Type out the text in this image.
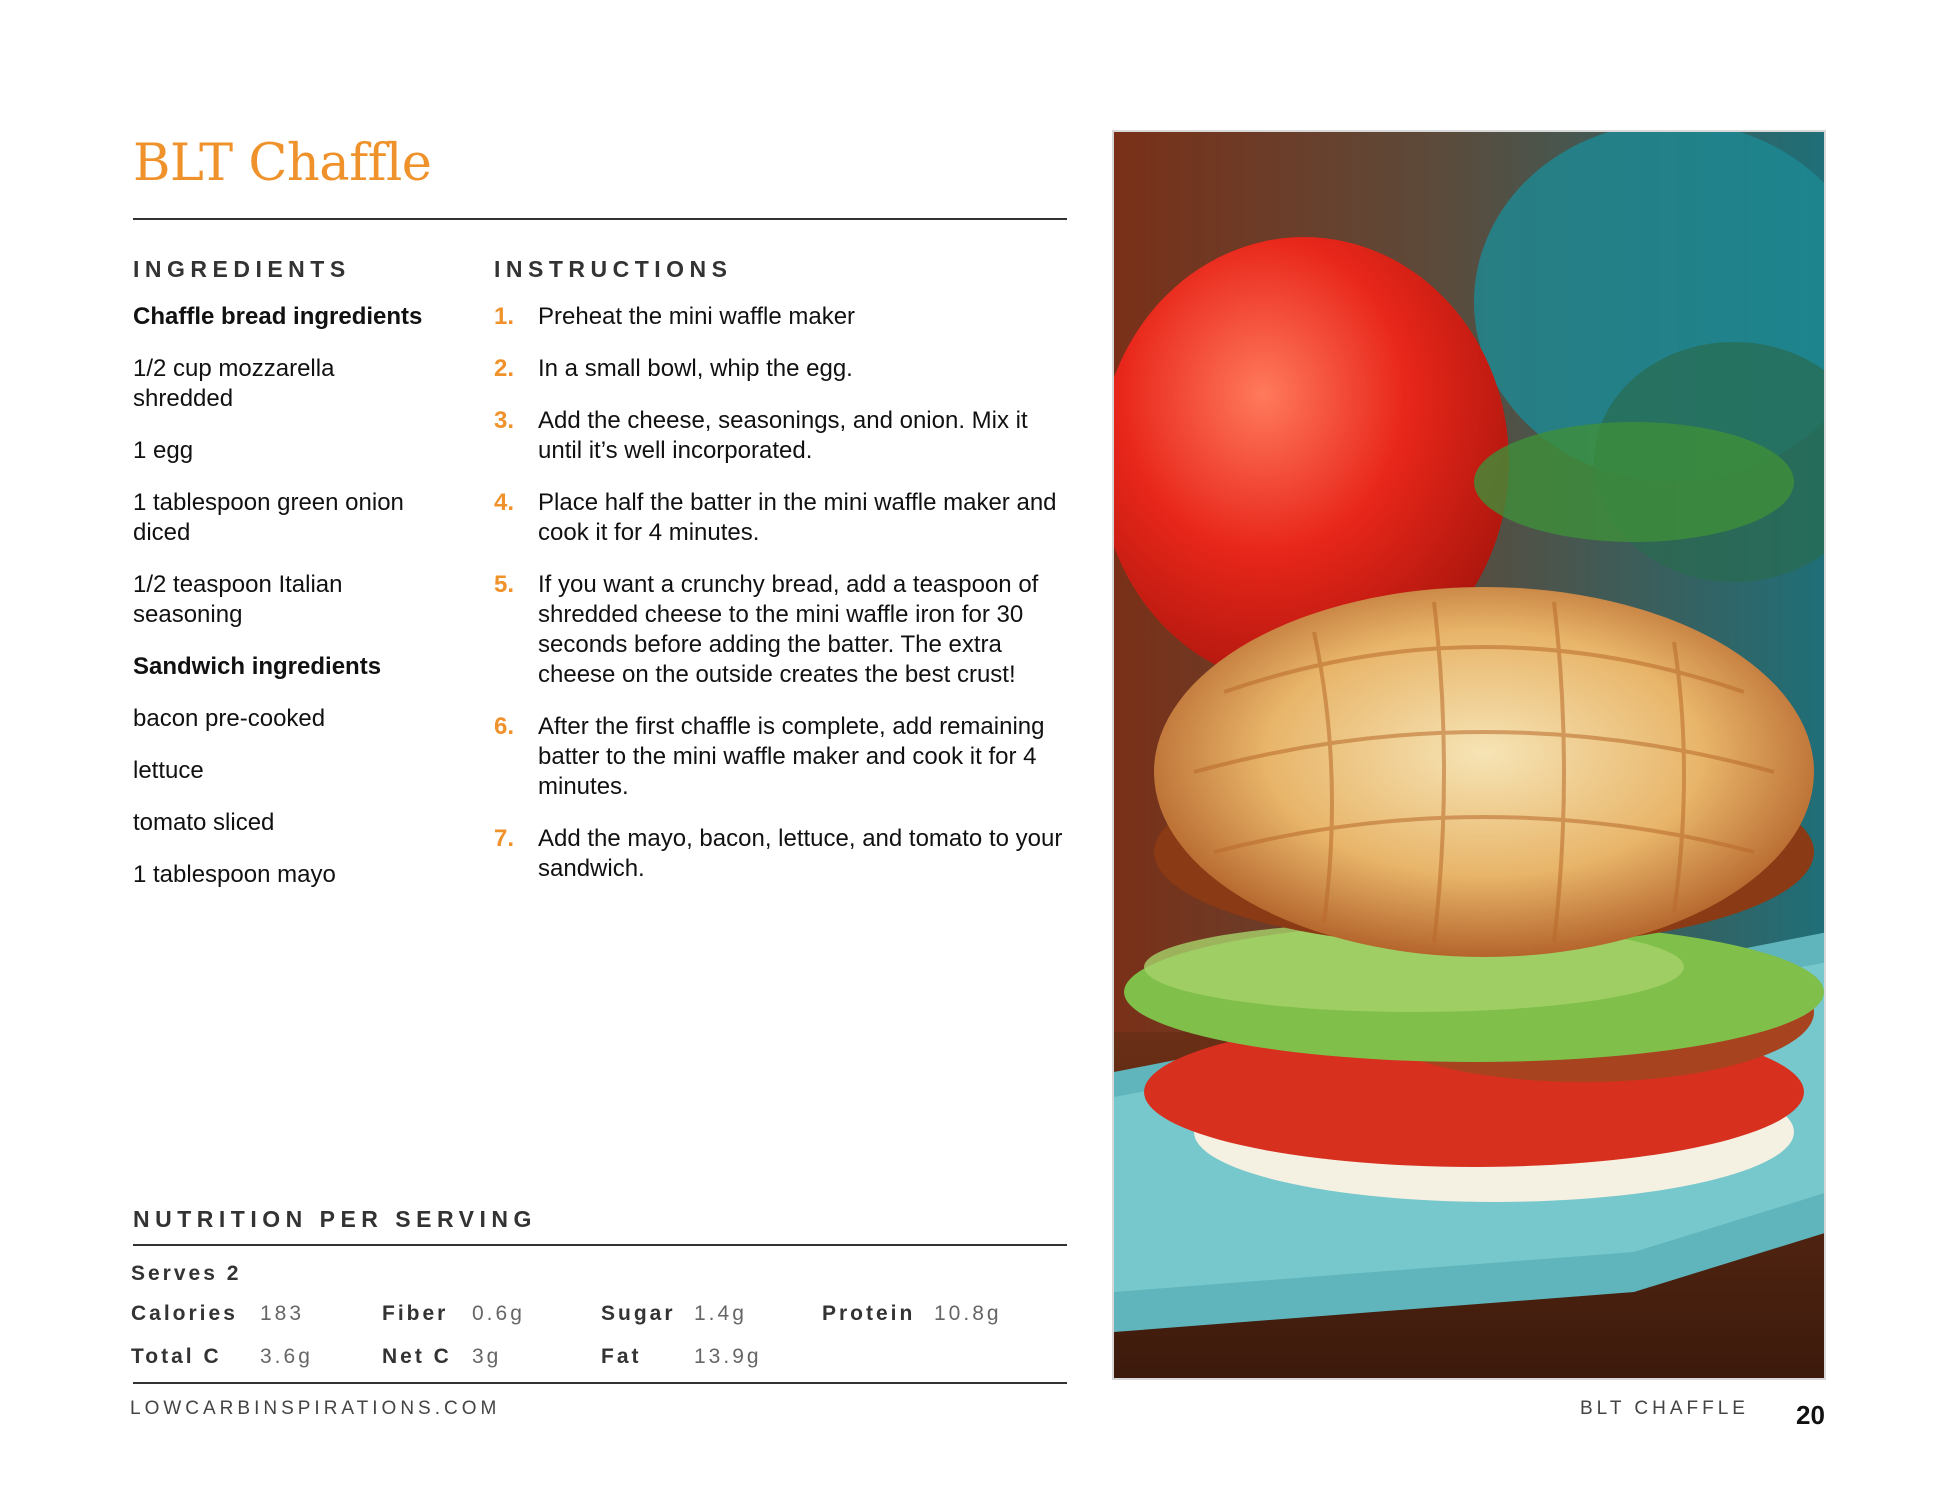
BLT Chaffle
INGREDIENTS

Chaffle bread ingredients

1/2 cup mozzarella shredded

1 egg

1 tablespoon green onion diced

1/2 teaspoon Italian seasoning

Sandwich ingredients

bacon pre-cooked

lettuce

tomato sliced

1 tablespoon mayo

INSTRUCTIONS
1. Preheat the mini waffle maker
2. In a small bowl, whip the egg.
3. Add the cheese, seasonings, and onion. Mix it until it’s well incorporated.
4. Place half the batter in the mini waffle maker and cook it for 4 minutes.
5. If you want a crunchy bread, add a teaspoon of shredded cheese to the mini waffle iron for 30 seconds before adding the batter. The extra cheese on the outside creates the best crust!
6. After the first chaffle is complete, add remaining batter to the mini waffle maker and cook it for 4 minutes.
7. Add the mayo, bacon, lettuce, and tomato to your sandwich.
NUTRITION PER SERVING
Serves 2
Calories 183	Fiber 0.6g	Sugar 1.4g	Protein 10.8g
Total C 3.6g	Net C 3g	Fat	13.9g
LOWCARBINSPIRATIONS.COM	BLT CHAFFLE 20
